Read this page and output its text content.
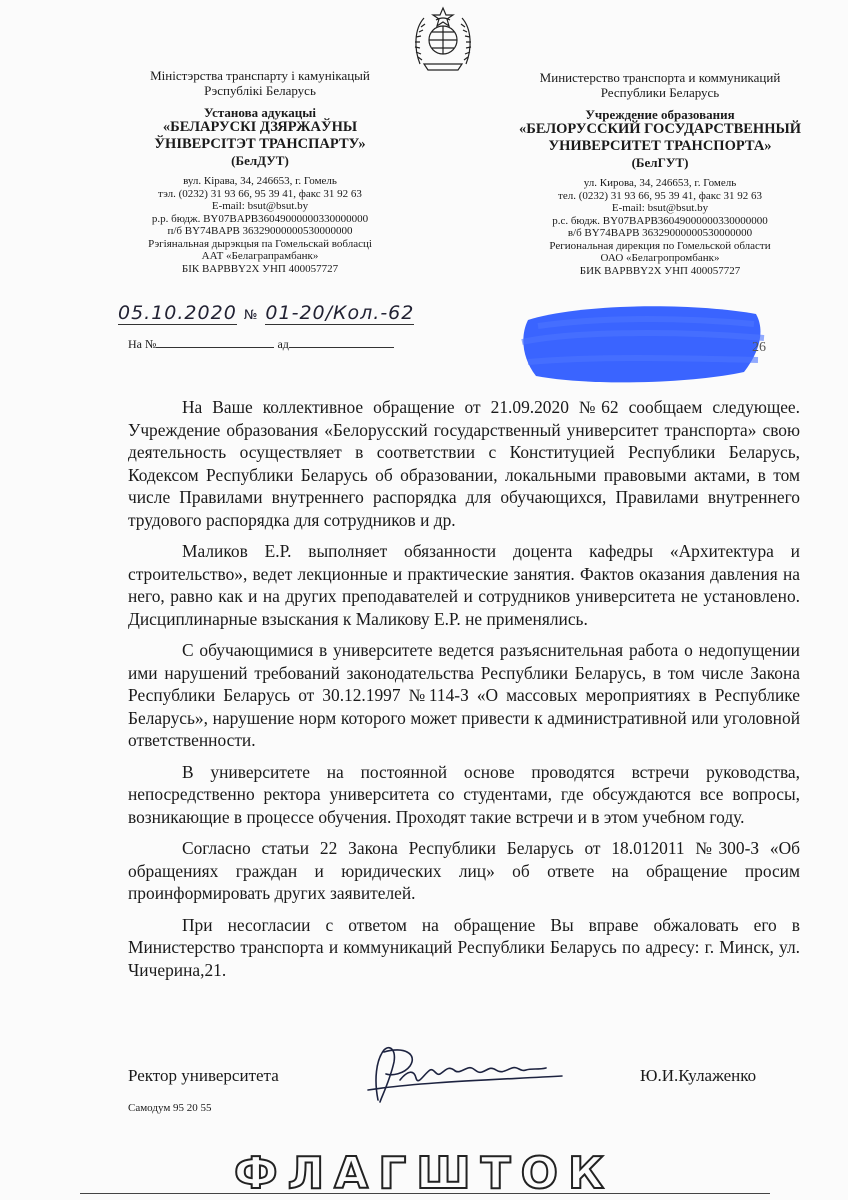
Міністэрства транспарту і камунікацый
Рэспублікі Беларусь
Установа адукацыі
«БЕЛАРУСКІ ДЗЯРЖАЎНЫ
ЎНІВЕРСІТЭТ ТРАНСПАРТУ»
(БелДУТ)
вул. Кірава, 34, 246653, г. Гомель
тэл. (0232) 31 93 66, 95 39 41, факс 31 92 63
E-mail: bsut@bsut.by
р.р. бюдж. BY07BAPB36049000000330000000
п/б BY74BAPB 36329000000530000000
Рэгіянальная дырэкцыя па Гомельскай вобласці
ААТ «Белаграпрамбанк»
БІК BAPBBY2X УНП 400057727
Министерство транспорта и коммуникаций
Республики Беларусь
Учреждение образования
«БЕЛОРУССКИЙ ГОСУДАРСТВЕННЫЙ
УНИВЕРСИТЕТ ТРАНСПОРТА»
(БелГУТ)
ул. Кирова, 34, 246653, г. Гомель
тел. (0232) 31 93 66, 95 39 41, факс 31 92 63
E-mail: bsut@bsut.by
р.с. бюдж. BY07BAPB36049000000330000000
в/б BY74BAPB 36329000000530000000
Региональная дирекция по Гомельской области
ОАО «Белагропромбанк»
БИК BAPBBY2X УНП 400057727
05.10.2020 № 01-20/Кол.-62
На №	ад	26

На Ваше коллективное обращение от 21.09.2020 №62 сообщаем следующее. Учреждение образования «Белорусский государственный университет транспорта» свою деятельность осуществляет в соответствии с Конституцией Республики Беларусь, Кодексом Республики Беларусь об образовании, локальными правовыми актами, в том числе Правилами внутреннего распорядка для обучающихся, Правилами внутреннего трудового распорядка для сотрудников и др.

Маликов Е.Р. выполняет обязанности доцента кафедры «Архитектура и строительство», ведет лекционные и практические занятия. Фактов оказания давления на него, равно как и на других преподавателей и сотрудников университета не установлено. Дисциплинарные взыскания к Маликову Е.Р. не применялись.

С обучающимися в университете ведется разъяснительная работа о недопущении ими нарушений требований законодательства Республики Беларусь, в том числе Закона Республики Беларусь от 30.12.1997 №114-З «О массовых мероприятиях в Республике Беларусь», нарушение норм которого может привести к административной или уголовной ответственности.

В университете на постоянной основе проводятся встречи руководства, непосредственно ректора университета со студентами, где обсуждаются все вопросы, возникающие в процессе обучения. Проходят такие встречи и в этом учебном году.

Согласно статьи 22 Закона Республики Беларусь от 18.012011 №300-З «Об обращениях граждан и юридических лиц» об ответе на обращение просим проинформировать других заявителей.

При несогласии с ответом на обращение Вы вправе обжаловать его в Министерство транспорта и коммуникаций Республики Беларусь по адресу: г. Минск, ул. Чичерина,21.

Ректор университета	Ю.И.Кулаженко
Самодум 95 20 55
ФЛАГШТОК
